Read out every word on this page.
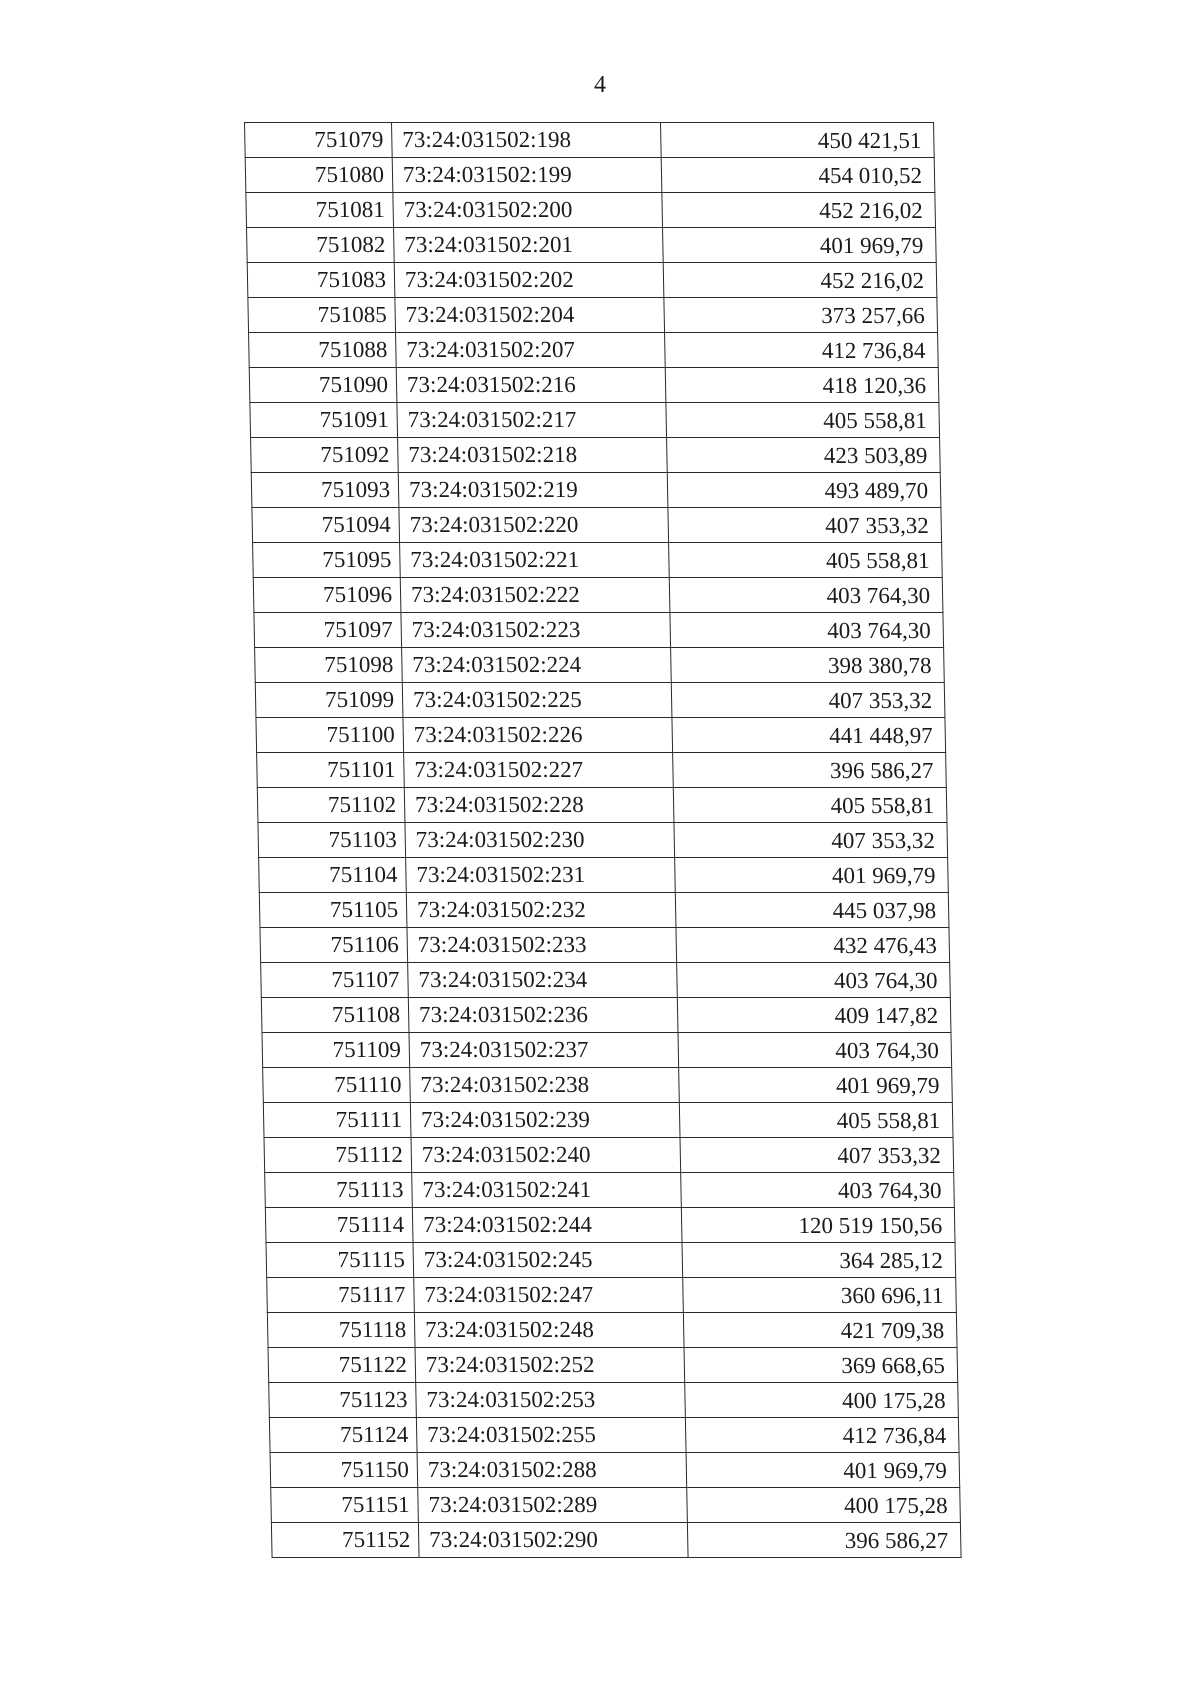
4
751079	73:24:031502:198	450 421,51
751080	73:24:031502:199	454 010,52
751081	73:24:031502:200	452 216,02
751082	73:24:031502:201	401 969,79
751083	73:24:031502:202	452 216,02
751085	73:24:031502:204	373 257,66
751088	73:24:031502:207	412 736,84
751090	73:24:031502:216	418 120,36
751091	73:24:031502:217	405 558,81
751092	73:24:031502:218	423 503,89
751093	73:24:031502:219	493 489,70
751094	73:24:031502:220	407 353,32
751095	73:24:031502:221	405 558,81
751096	73:24:031502:222	403 764,30
751097	73:24:031502:223	403 764,30
751098	73:24:031502:224	398 380,78
751099	73:24:031502:225	407 353,32
751100	73:24:031502:226	441 448,97
751101	73:24:031502:227	396 586,27
751102	73:24:031502:228	405 558,81
751103	73:24:031502:230	407 353,32
751104	73:24:031502:231	401 969,79
751105	73:24:031502:232	445 037,98
751106	73:24:031502:233	432 476,43
751107	73:24:031502:234	403 764,30
751108	73:24:031502:236	409 147,82
751109	73:24:031502:237	403 764,30
751110	73:24:031502:238	401 969,79
751111	73:24:031502:239	405 558,81
751112	73:24:031502:240	407 353,32
751113	73:24:031502:241	403 764,30
751114	73:24:031502:244	120 519 150,56
751115	73:24:031502:245	364 285,12
751117	73:24:031502:247	360 696,11
751118	73:24:031502:248	421 709,38
751122	73:24:031502:252	369 668,65
751123	73:24:031502:253	400 175,28
751124	73:24:031502:255	412 736,84
751150	73:24:031502:288	401 969,79
751151	73:24:031502:289	400 175,28
751152	73:24:031502:290	396 586,27
